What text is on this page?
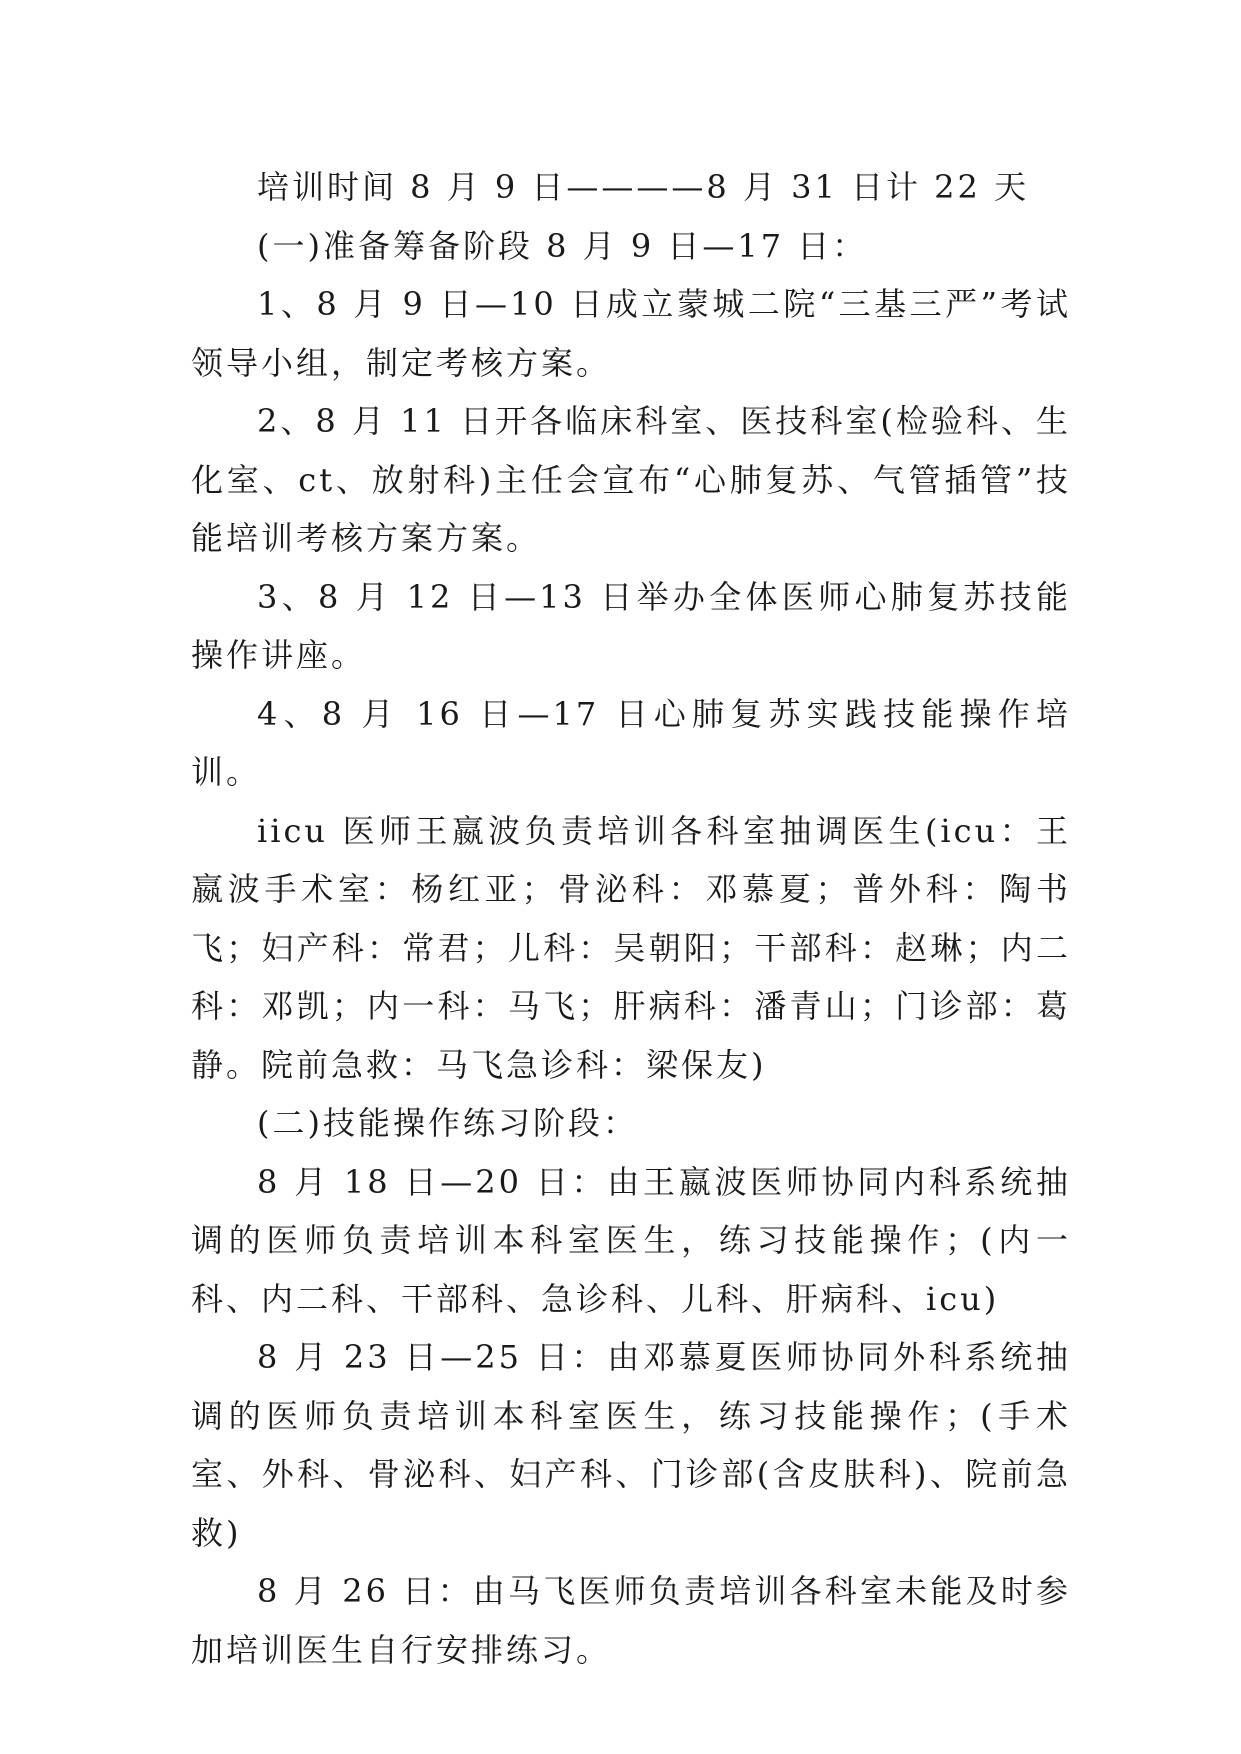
培训时间 8 月 9 日————8 月 31 日计 22 天

(一)准备筹备阶段 8 月 9 日—17 日：

1、8 月 9 日—10 日成立蒙城二院“三基三严”考试领导小组，制定考核方案。

2、8 月 11 日开各临床科室、医技科室(检验科、生化室、ct、放射科)主任会宣布“心肺复苏、气管插管”技能培训考核方案方案。

3、8 月 12 日—13 日举办全体医师心肺复苏技能操作讲座。

4、8 月 16 日—17 日心肺复苏实践技能操作培训。

iicu 医师王嬴波负责培训各科室抽调医生(icu：王嬴波手术室：杨红亚；骨泌科：邓慕夏；普外科：陶书飞；妇产科：常君；儿科：吴朝阳；干部科：赵琳；内二科：邓凯；内一科：马飞；肝病科：潘青山；门诊部：葛静。院前急救：马飞急诊科：梁保友)

(二)技能操作练习阶段：

8 月 18 日—20 日：由王嬴波医师协同内科系统抽调的医师负责培训本科室医生，练习技能操作；(内一科、内二科、干部科、急诊科、儿科、肝病科、icu)

8 月 23 日—25 日：由邓慕夏医师协同外科系统抽调的医师负责培训本科室医生，练习技能操作；(手术室、外科、骨泌科、妇产科、门诊部(含皮肤科)、院前急救)

8 月 26 日：由马飞医师负责培训各科室未能及时参加培训医生自行安排练习。
